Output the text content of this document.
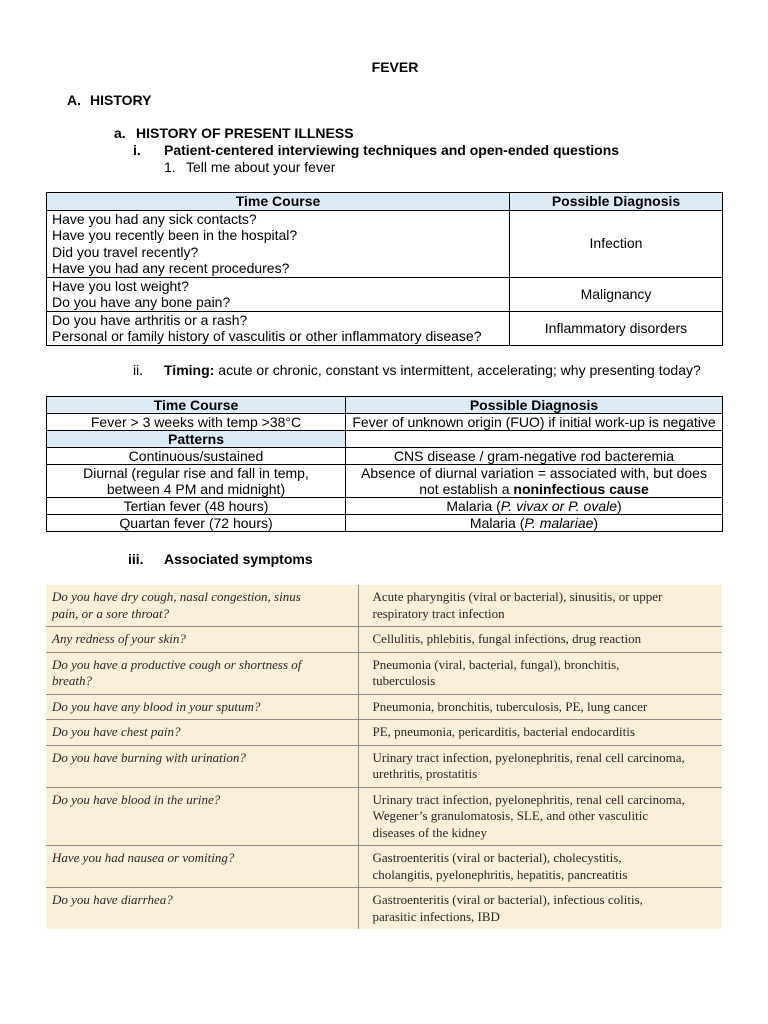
FEVER
A. HISTORY
a. HISTORY OF PRESENT ILLNESS
i. Patient-centered interviewing techniques and open-ended questions
1. Tell me about your fever
Time Course	Possible Diagnosis

Have you had any sick contacts?
Have you recently been in the hospital?
Did you travel recently?
Have you had any recent procedures?	Infection

Have you lost weight?
Do you have any bone pain?	Malignancy

Do you have arthritis or a rash?
Personal or family history of vasculitis or other inflammatory disease?	Inflammatory disorders
ii. Timing: acute or chronic, constant vs intermittent, accelerating; why presenting today?
Time Course	Possible Diagnosis
Fever > 3 weeks with temp >38°C	Fever of unknown origin (FUO) if initial work-up is negative
Patterns	
Continuous/sustained	CNS disease / gram-negative rod bacteremia
Diurnal (regular rise and fall in temp, between 4 PM and midnight)	Absence of diurnal variation = associated with, but does not establish a noninfectious cause
Tertian fever (48 hours)	Malaria (P. vivax or P. ovale)
Quartan fever (72 hours)	Malaria (P. malariae)
iii. Associated symptoms
Do you have dry cough, nasal congestion, sinus pain, or a sore throat?	Acute pharyngitis (viral or bacterial), sinusitis, or upper respiratory tract infection
Any redness of your skin?	Cellulitis, phlebitis, fungal infections, drug reaction
Do you have a productive cough or shortness of breath?	Pneumonia (viral, bacterial, fungal), bronchitis, tuberculosis
Do you have any blood in your sputum?	Pneumonia, bronchitis, tuberculosis, PE, lung cancer
Do you have chest pain?	PE, pneumonia, pericarditis, bacterial endocarditis
Do you have burning with urination?	Urinary tract infection, pyelonephritis, renal cell carcinoma, urethritis, prostatitis
Do you have blood in the urine?	Urinary tract infection, pyelonephritis, renal cell carcinoma, Wegener’s granulomatosis, SLE, and other vasculitic diseases of the kidney
Have you had nausea or vomiting?	Gastroenteritis (viral or bacterial), cholecystitis, cholangitis, pyelonephritis, hepatitis, pancreatitis
Do you have diarrhea?	Gastroenteritis (viral or bacterial), infectious colitis, parasitic infections, IBD
